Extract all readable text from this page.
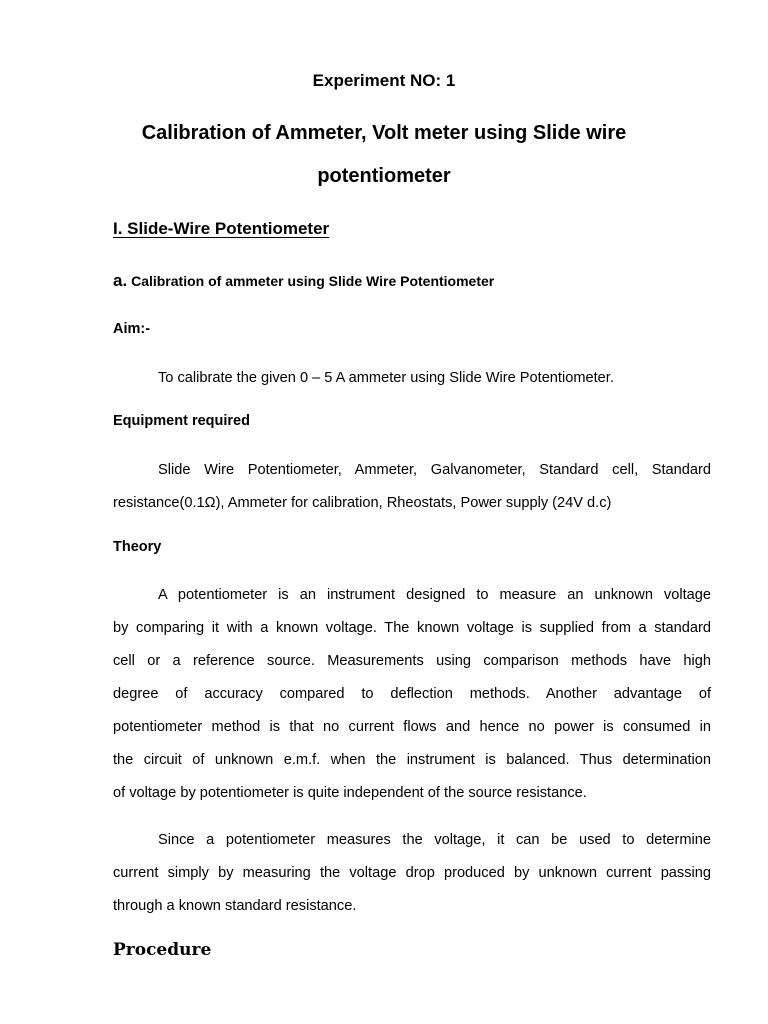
Experiment NO: 1
Calibration of Ammeter, Volt meter using Slide wire
potentiometer
I. Slide-Wire Potentiometer
a. Calibration of ammeter using Slide Wire Potentiometer
Aim:-
To calibrate the given 0 – 5 A ammeter using Slide Wire Potentiometer.
Equipment required
Slide Wire Potentiometer, Ammeter, Galvanometer, Standard cell, Standard
resistance(0.1Ω), Ammeter for calibration, Rheostats, Power supply (24V d.c)
Theory
A potentiometer is an instrument designed to measure an unknown voltage
by comparing it with a known voltage. The known voltage is supplied from a standard
cell or a reference source. Measurements using comparison methods have high
degree of accuracy compared to deflection methods. Another advantage of
potentiometer method is that no current flows and hence no power is consumed in
the circuit of unknown e.m.f. when the instrument is balanced. Thus determination
of voltage by potentiometer is quite independent of the source resistance.
Since a potentiometer measures the voltage, it can be used to determine
current simply by measuring the voltage drop produced by unknown current passing
through a known standard resistance.
Procedure
